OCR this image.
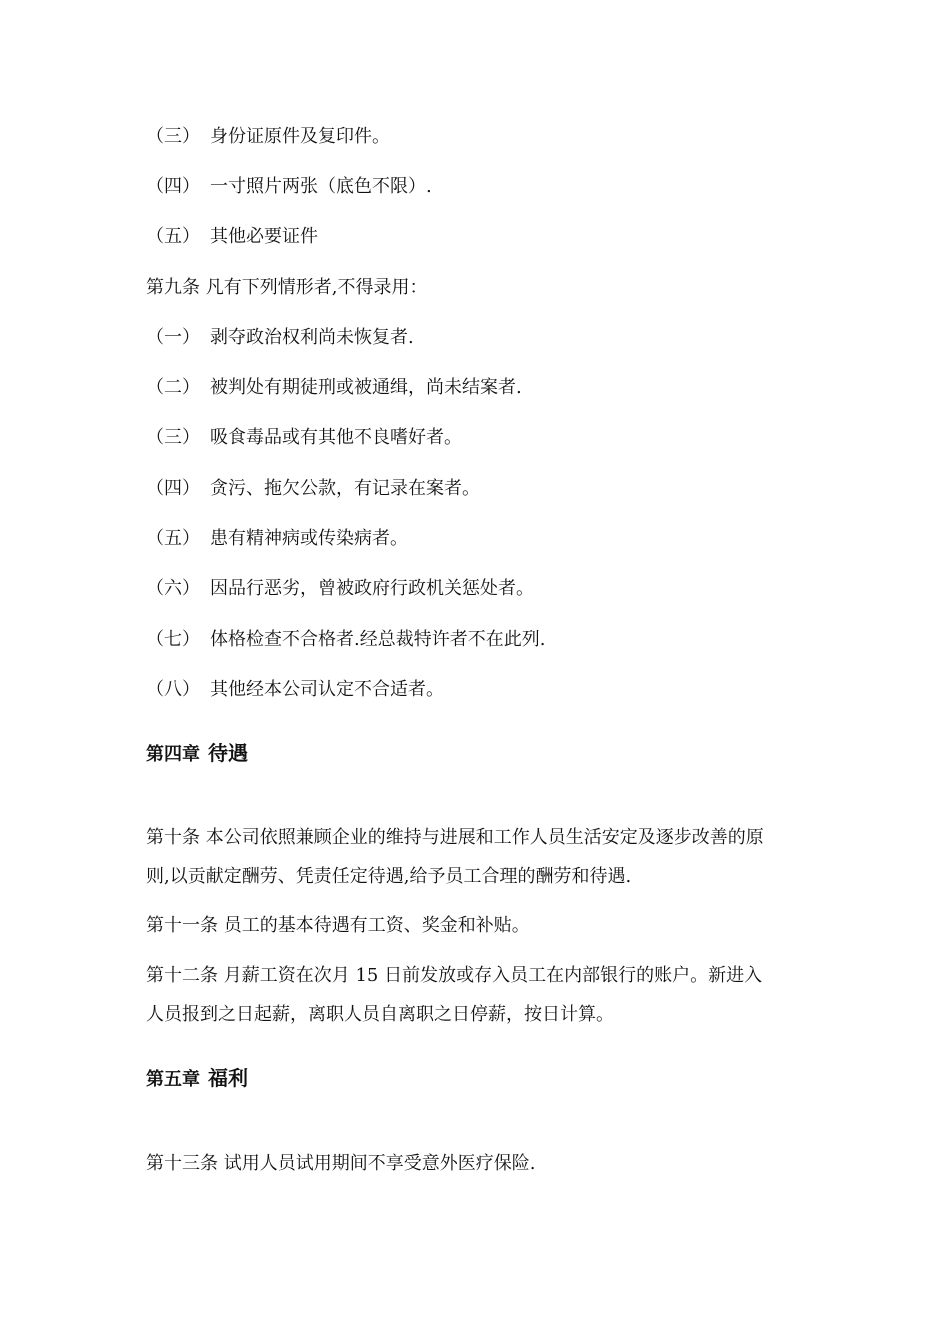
（三） 身份证原件及复印件。
（四） 一寸照片两张（底色不限）.
（五） 其他必要证件
第九条 凡有下列情形者,不得录用：
（一） 剥夺政治权利尚未恢复者.
（二） 被判处有期徒刑或被通缉，尚未结案者.
（三） 吸食毒品或有其他不良嗜好者。
（四） 贪污、拖欠公款，有记录在案者。
（五） 患有精神病或传染病者。
（六） 因品行恶劣，曾被政府行政机关惩处者。
（七） 体格检查不合格者.经总裁特许者不在此列.
（八） 其他经本公司认定不合适者。
第四章 待遇
第十条 本公司依照兼顾企业的维持与进展和工作人员生活安定及逐步改善的原
则,以贡献定酬劳、凭责任定待遇,给予员工合理的酬劳和待遇.
第十一条 员工的基本待遇有工资、奖金和补贴。
第十二条 月薪工资在次月 15 日前发放或存入员工在内部银行的账户。新进入
人员报到之日起薪，离职人员自离职之日停薪，按日计算。
第五章 福利
第十三条 试用人员试用期间不享受意外医疗保险.
